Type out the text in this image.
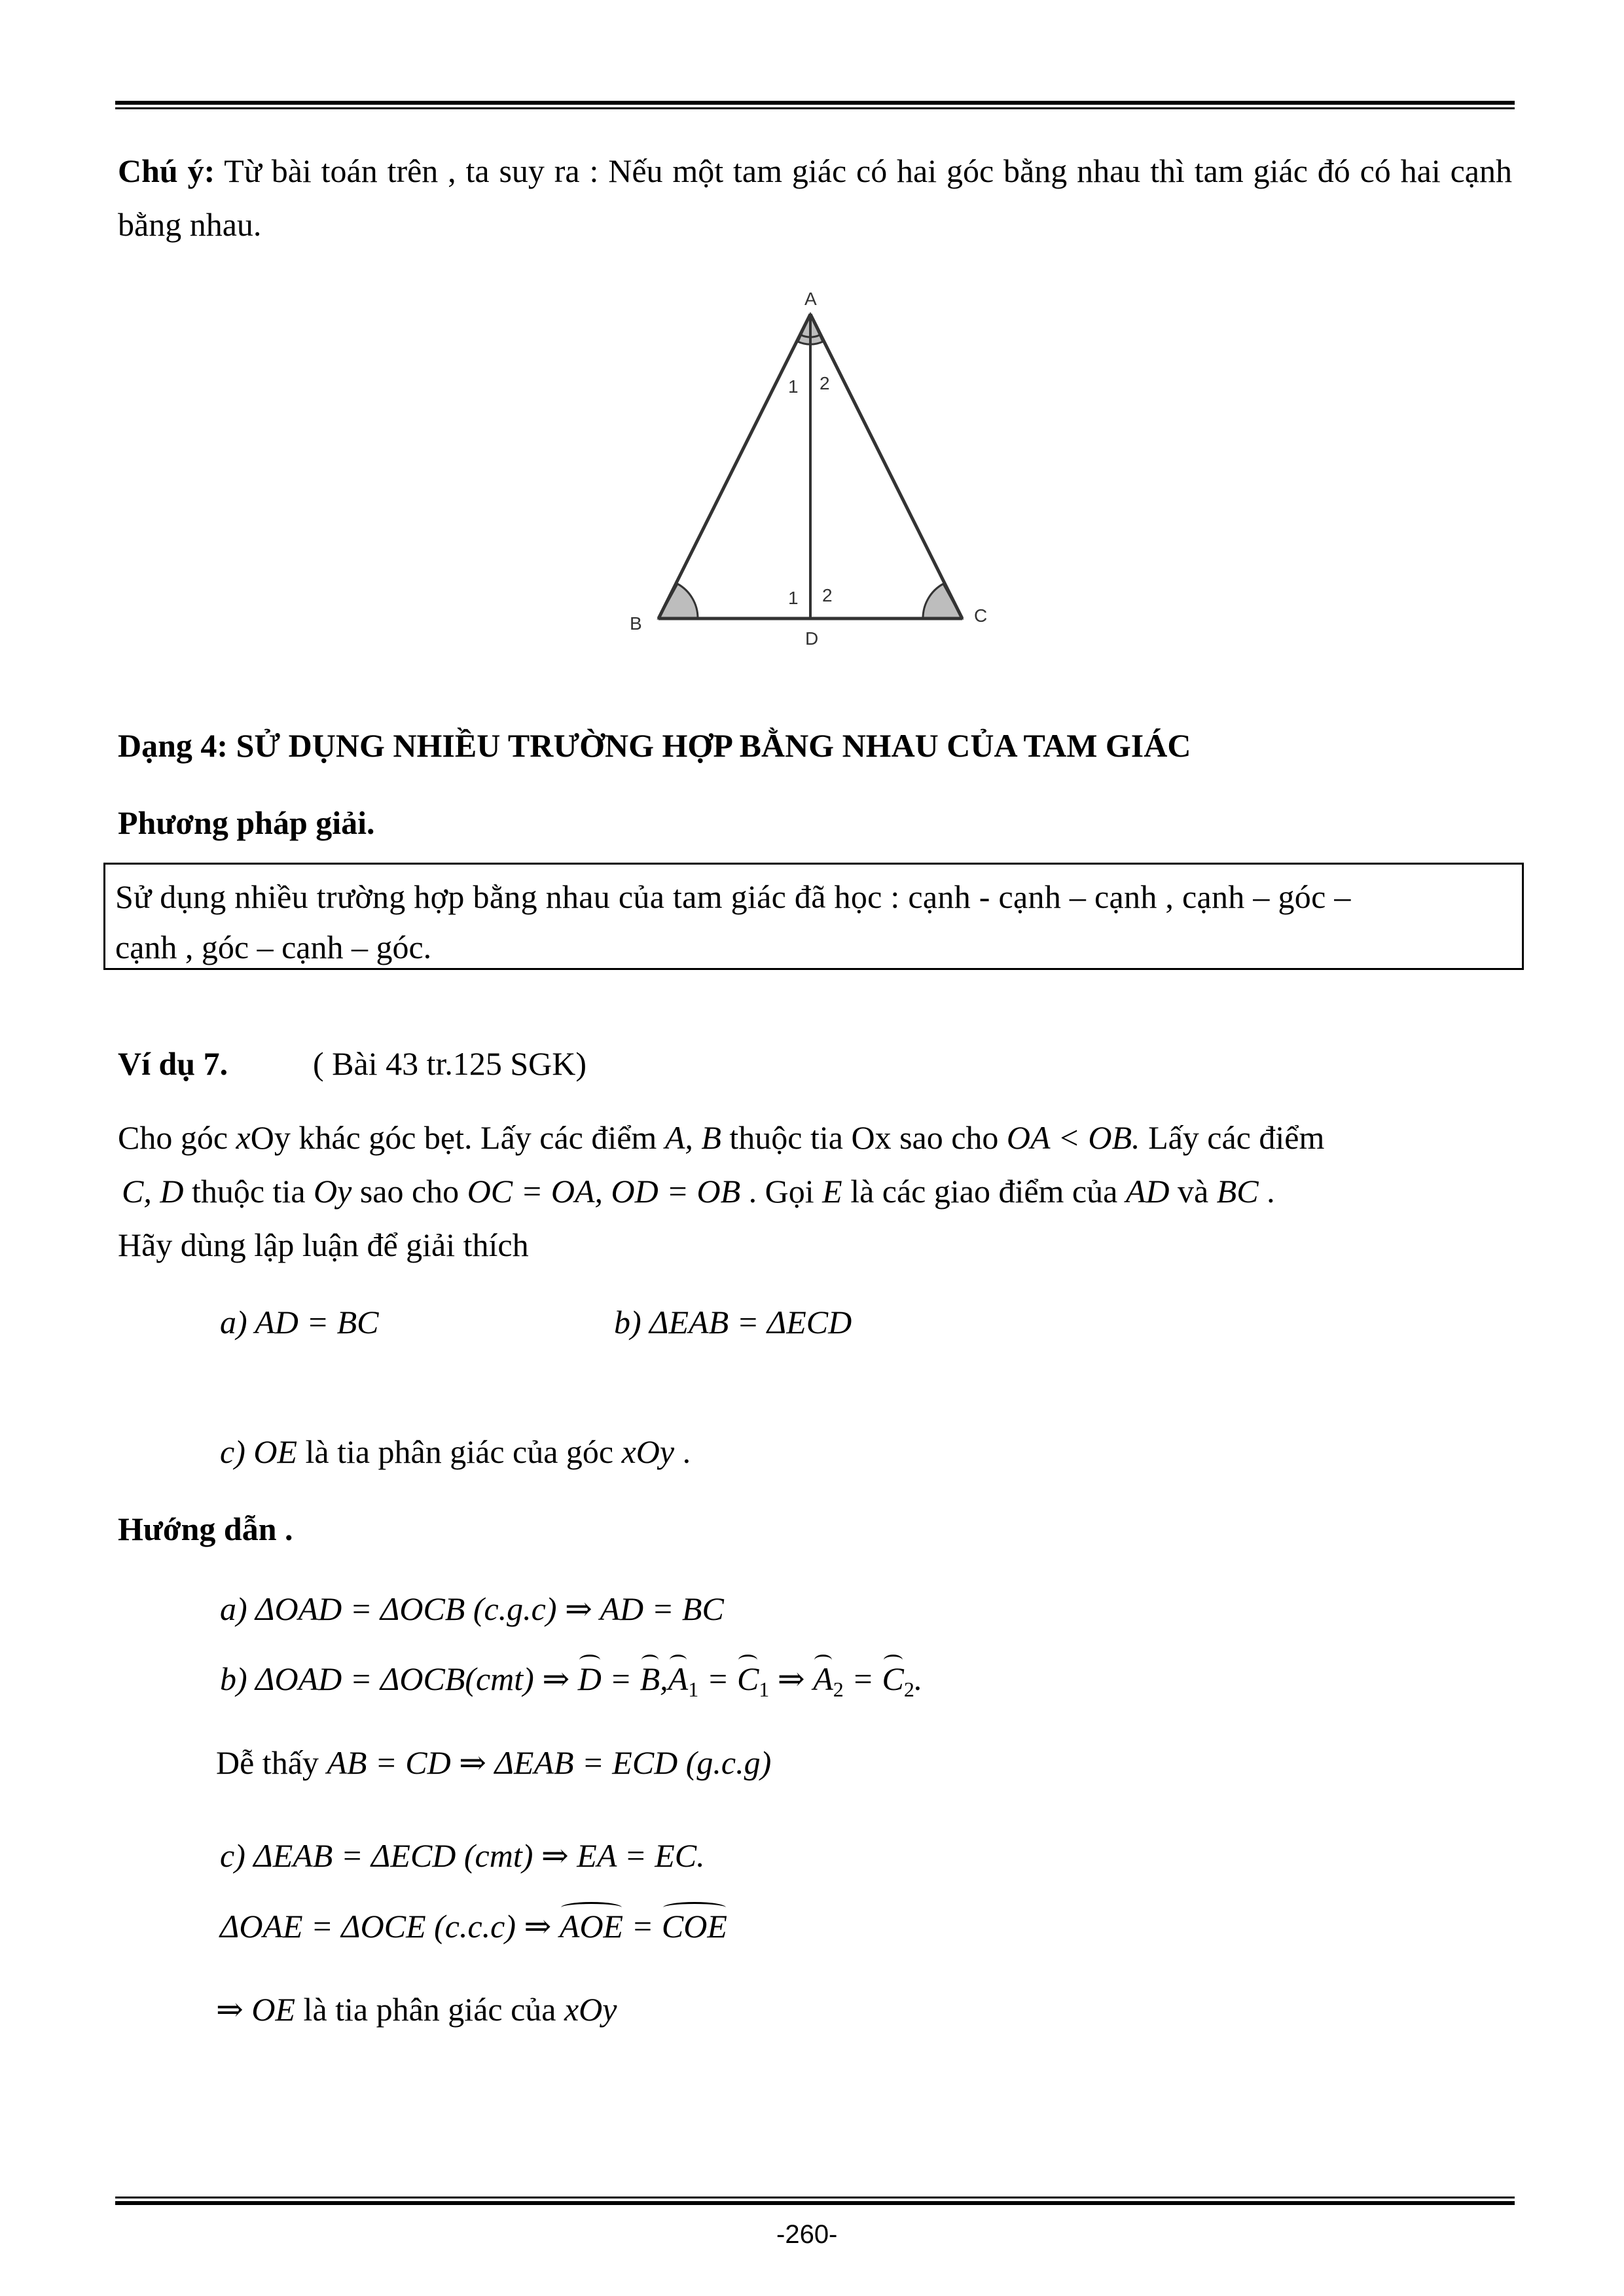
Chú ý: Từ bài toán trên , ta suy ra : Nếu một tam giác có hai góc bằng nhau thì tam giác đó có hai cạnh bằng nhau.
A
B	C
D
1 2
1 2
Dạng 4: SỬ DỤNG NHIỀU TRƯỜNG HỢP BẰNG NHAU CỦA TAM GIÁC
Phương pháp giải.
Sử dụng nhiều trường hợp bằng nhau của tam giác đã học : cạnh - cạnh – cạnh , cạnh – góc –
cạnh , góc – cạnh – góc.
Ví dụ 7.	( Bài 43 tr.125 SGK)
Cho góc xOy khác góc bẹt. Lấy các điểm A, B thuộc tia Ox sao cho OA < OB. Lấy các điểm
C, D thuộc tia Oy sao cho OC = OA, OD = OB . Gọi E là các giao điểm của AD và BC .
Hãy dùng lập luận để giải thích
a) AD = BC	b) ΔEAB = ΔECD
c) OE là tia phân giác của góc xOy .
Hướng dẫn .
a) ΔOAD = ΔOCB (c.g.c) ⇒ AD = BC
b) ΔOAD = ΔOCB(cmt) ⇒ $D = B,A_1 = C_1$ ⇒ $A_2 = C_2$.
Dễ thấy AB = CD ⇒ ΔEAB = ECD (g.c.g)
c) ΔEAB = ΔECD (cmt) ⇒ EA = EC.
ΔOAE = ΔOCE (c.c.c) ⇒ AOE = COE
⇒ OE là tia phân giác của xOy
-260-
